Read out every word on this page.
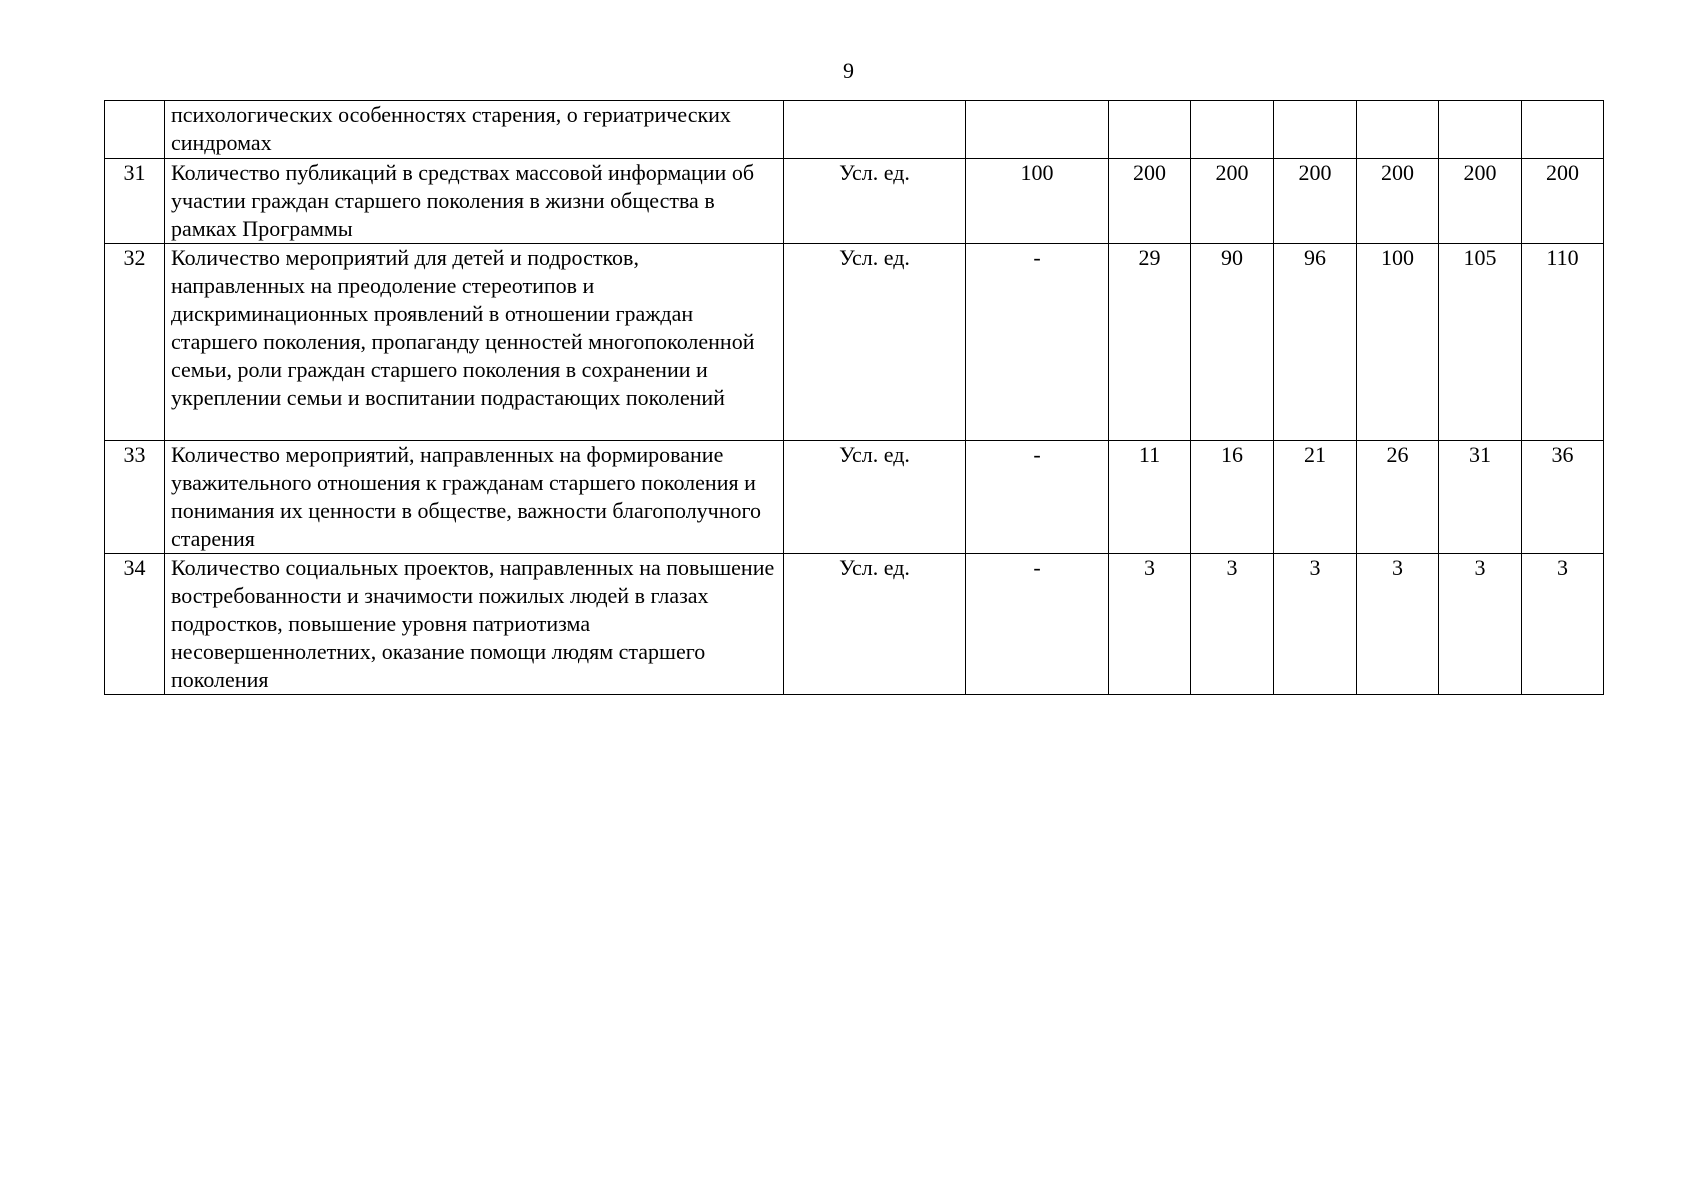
9
	психологических особенностях старения, о гериатрических синдромах								
31	Количество публикаций в средствах массовой информации об участии граждан старшего поколения в жизни общества в рамках Программы	Усл. ед.	100	200	200	200	200	200	200
32	Количество мероприятий для детей и подростков, направленных на преодоление стереотипов и дискриминационных проявлений в отношении граждан старшего поколения, пропаганду ценностей многопоколенной семьи, роли граждан старшего поколения в сохранении и укреплении семьи и воспитании подрастающих поколений	Усл. ед.	-	29	90	96	100	105	110
33	Количество мероприятий, направленных на формирование уважительного отношения к гражданам старшего поколения и понимания их ценности в обществе, важности благополучного старения	Усл. ед.	-	11	16	21	26	31	36
34	Количество социальных проектов, направленных на повышение востребованности и значимости пожилых людей в глазах подростков, повышение уровня патриотизма несовершеннолетних, оказание помощи людям старшего поколения	Усл. ед.	-	3	3	3	3	3	3
